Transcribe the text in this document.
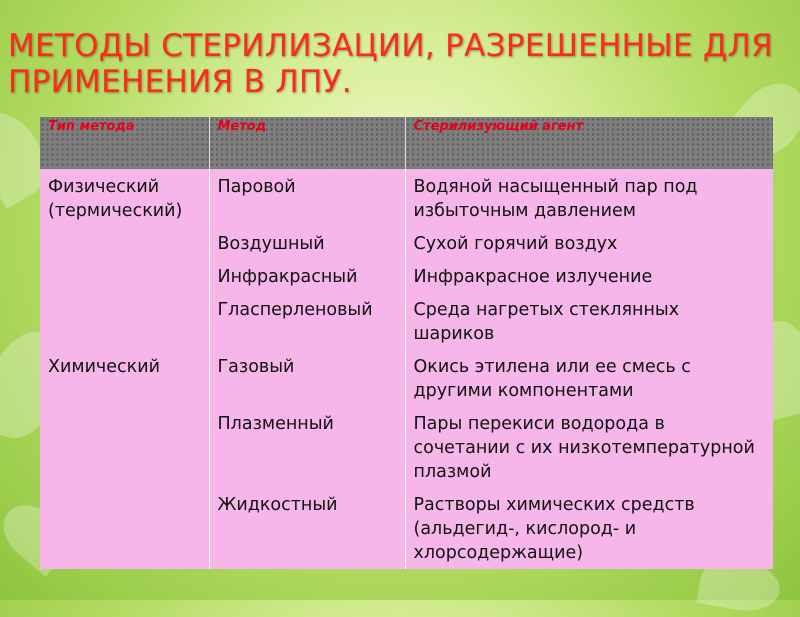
МЕТОДЫ СТЕРИЛИЗАЦИИ, РАЗРЕШЕННЫЕ ДЛЯ ПРИМЕНЕНИЯ В ЛПУ.
Тип метода	Метод	Стерилизующий агент
Физический (термический)	Паровой	Водяной насыщенный пар под избыточным давлением
	Воздушный	Сухой горячий воздух
	Инфракрасный	Инфракрасное излучение
	Гласперленовый	Среда нагретых стеклянных шариков
Химический	Газовый	Окись этилена или ее смесь с другими компонентами
	Плазменный	Пары перекиси водорода в сочетании с их низкотемпературной плазмой
	Жидкостный	Растворы химических средств (альдегид-, кислород- и хлорсодержащие)
